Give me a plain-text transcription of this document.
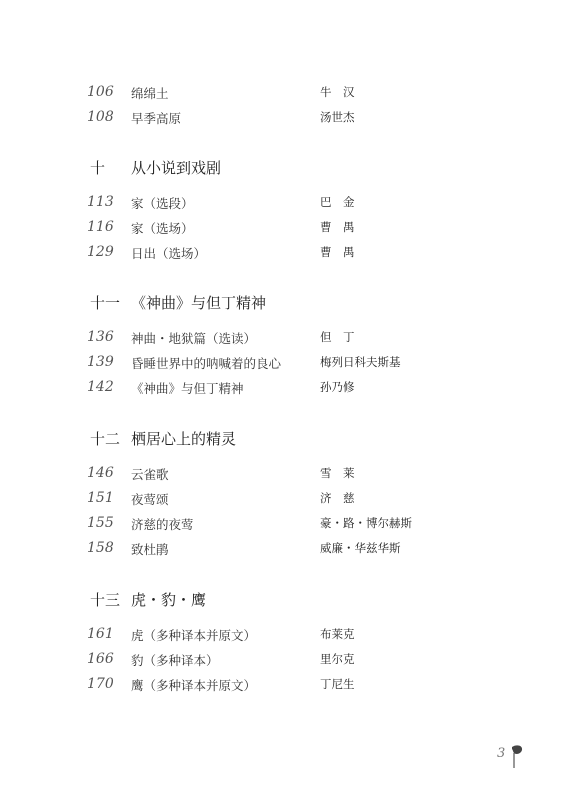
106 绵绵土	牛　汉
108 早季高原	汤世杰
十 从小说到戏剧
113 家（选段）	巴　金
116 家（选场）	曹　禺
129 日出（选场）	曹　禺
十一 《神曲》与但丁精神
136 神曲・地狱篇（选读）	但　丁
139 昏睡世界中的呐喊着的良心	梅列日科夫斯基
142 《神曲》与但丁精神	孙乃修
十二 栖居心上的精灵
146 云雀歌	雪　莱
151 夜莺颂	济　慈
155 济慈的夜莺	豪・路・博尔赫斯
158 致杜鹃	威廉・华兹华斯
十三 虎・豹・鹰
161 虎（多种译本并原文）	布莱克
166 豹（多种译本）	里尔克
170 鹰（多种译本并原文）	丁尼生
3
